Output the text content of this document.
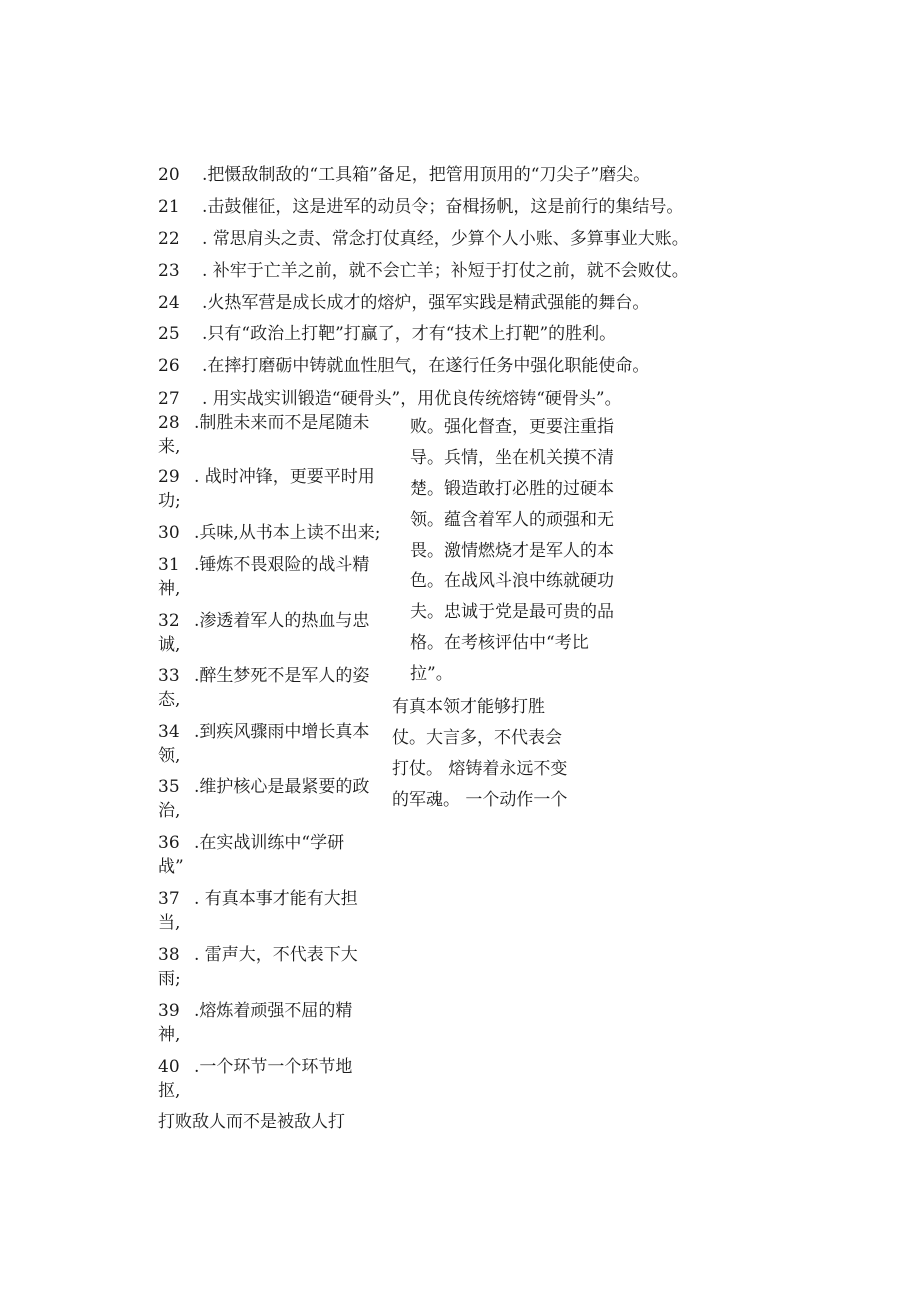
20 .把慑敌制敌的“工具箱”备足，把管用顶用的“刀尖子”磨尖。
21 .击鼓催征，这是进军的动员令；奋楫扬帆，这是前行的集结号。
22 . 常思肩头之责、常念打仗真经，少算个人小账、多算事业大账。
23 . 补牢于亡羊之前，就不会亡羊；补短于打仗之前，就不会败仗。
24 .火热军营是成长成才的熔炉，强军实践是精武强能的舞台。
25 .只有“政治上打靶”打赢了，才有“技术上打靶”的胜利。
26 .在摔打磨砺中铸就血性胆气，在遂行任务中强化职能使命。
27 . 用实战实训锻造“硬骨头”，用优良传统熔铸“硬骨头”。
28 .制胜未来而不是尾随未
来,
29 . 战时冲锋，更要平时用
功;
30 .兵味,从书本上读不出来;
31 .锤炼不畏艰险的战斗精
神,
32 .渗透着军人的热血与忠
诚,
33 .醉生梦死不是军人的姿
态,
34 .到疾风骤雨中增长真本
领,
35 .维护核心是最紧要的政
治,
36 .在实战训练中“学研
战”
37 . 有真本事才能有大担
当,
38 . 雷声大，不代表下大
雨;
39 .熔炼着顽强不屈的精
神,
40 .一个环节一个环节地
抠,
打败敌人而不是被敌人打
败。强化督查，更要注重指
导。兵情，坐在机关摸不清
楚。锻造敢打必胜的过硬本
领。蕴含着军人的顽强和无
畏。激情燃烧才是军人的本
色。在战风斗浪中练就硬功
夫。忠诚于党是最可贵的品
格。在考核评估中“考比
拉”。
有真本领才能够打胜
仗。大言多，不代表会
打仗。 熔铸着永远不变
的军魂。 一个动作一个
